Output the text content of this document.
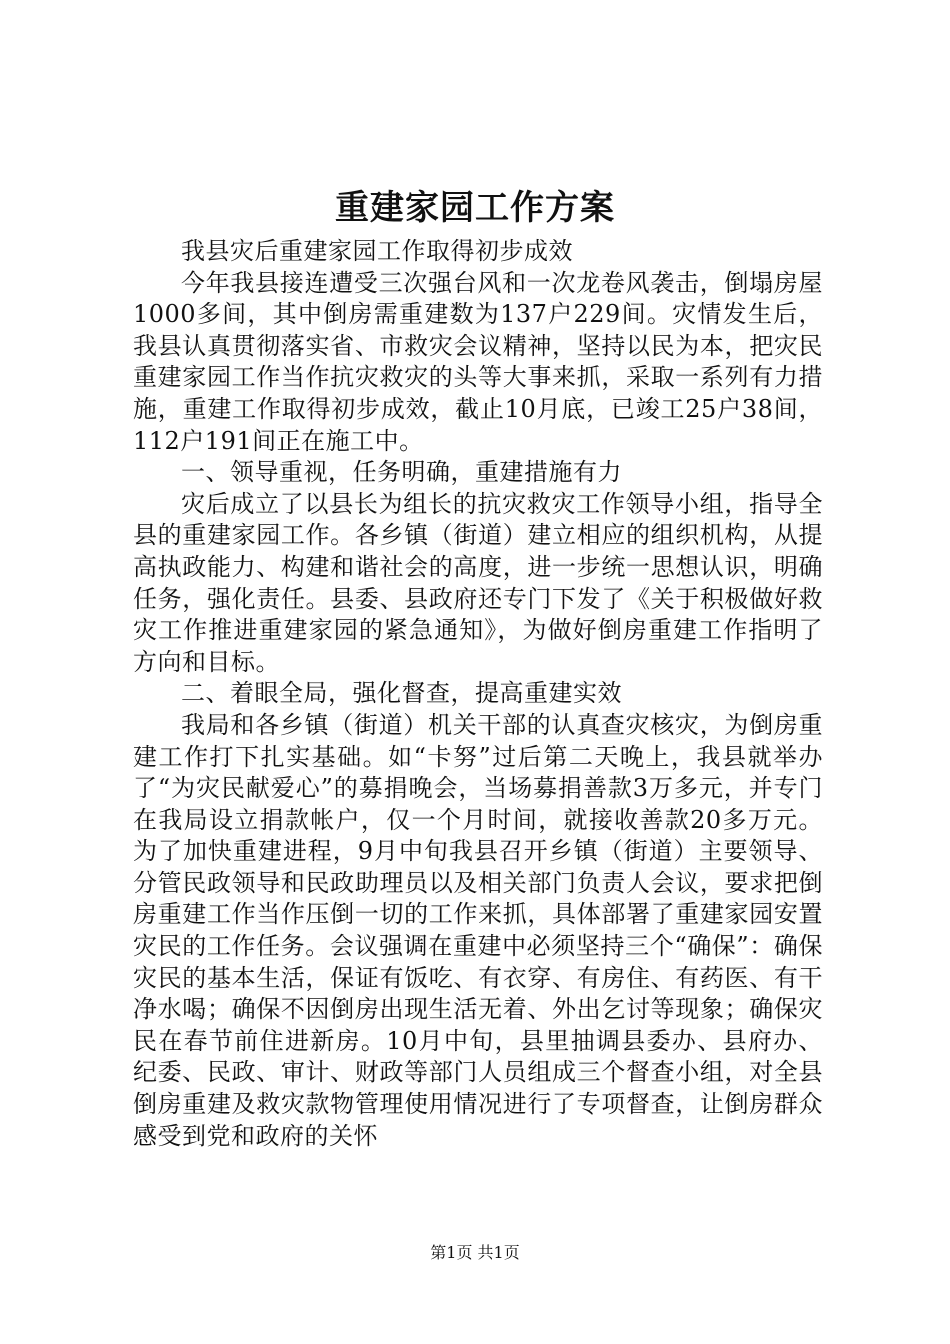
重建家园工作方案

我县灾后重建家园工作取得初步成效

今年我县接连遭受三次强台风和一次龙卷风袭击，倒塌房屋1000多间，其中倒房需重建数为137户229间。灾情发生后，我县认真贯彻落实省、市救灾会议精神，坚持以民为本，把灾民重建家园工作当作抗灾救灾的头等大事来抓，采取一系列有力措施，重建工作取得初步成效，截止10月底，已竣工25户38间，112户191间正在施工中。

一、领导重视，任务明确，重建措施有力

灾后成立了以县长为组长的抗灾救灾工作领导小组，指导全县的重建家园工作。各乡镇（街道）建立相应的组织机构，从提高执政能力、构建和谐社会的高度，进一步统一思想认识，明确任务，强化责任。县委、县政府还专门下发了《关于积极做好救灾工作推进重建家园的紧急通知》，为做好倒房重建工作指明了方向和目标。

二、着眼全局，强化督查，提高重建实效

我局和各乡镇（街道）机关干部的认真查灾核灾，为倒房重建工作打下扎实基础。如“卡努”过后第二天晚上，我县就举办了“为灾民献爱心”的募捐晚会，当场募捐善款3万多元，并专门在我局设立捐款帐户，仅一个月时间，就接收善款20多万元。为了加快重建进程，9月中旬我县召开乡镇（街道）主要领导、分管民政领导和民政助理员以及相关部门负责人会议，要求把倒房重建工作当作压倒一切的工作来抓，具体部署了重建家园安置灾民的工作任务。会议强调在重建中必须坚持三个“确保”：确保灾民的基本生活，保证有饭吃、有衣穿、有房住、有药医、有干净水喝；确保不因倒房出现生活无着、外出乞讨等现象；确保灾民在春节前住进新房。10月中旬，县里抽调县委办、县府办、纪委、民政、审计、财政等部门人员组成三个督查小组，对全县倒房重建及救灾款物管理使用情况进行了专项督查，让倒房群众感受到党和政府的关怀

第1页 共1页
